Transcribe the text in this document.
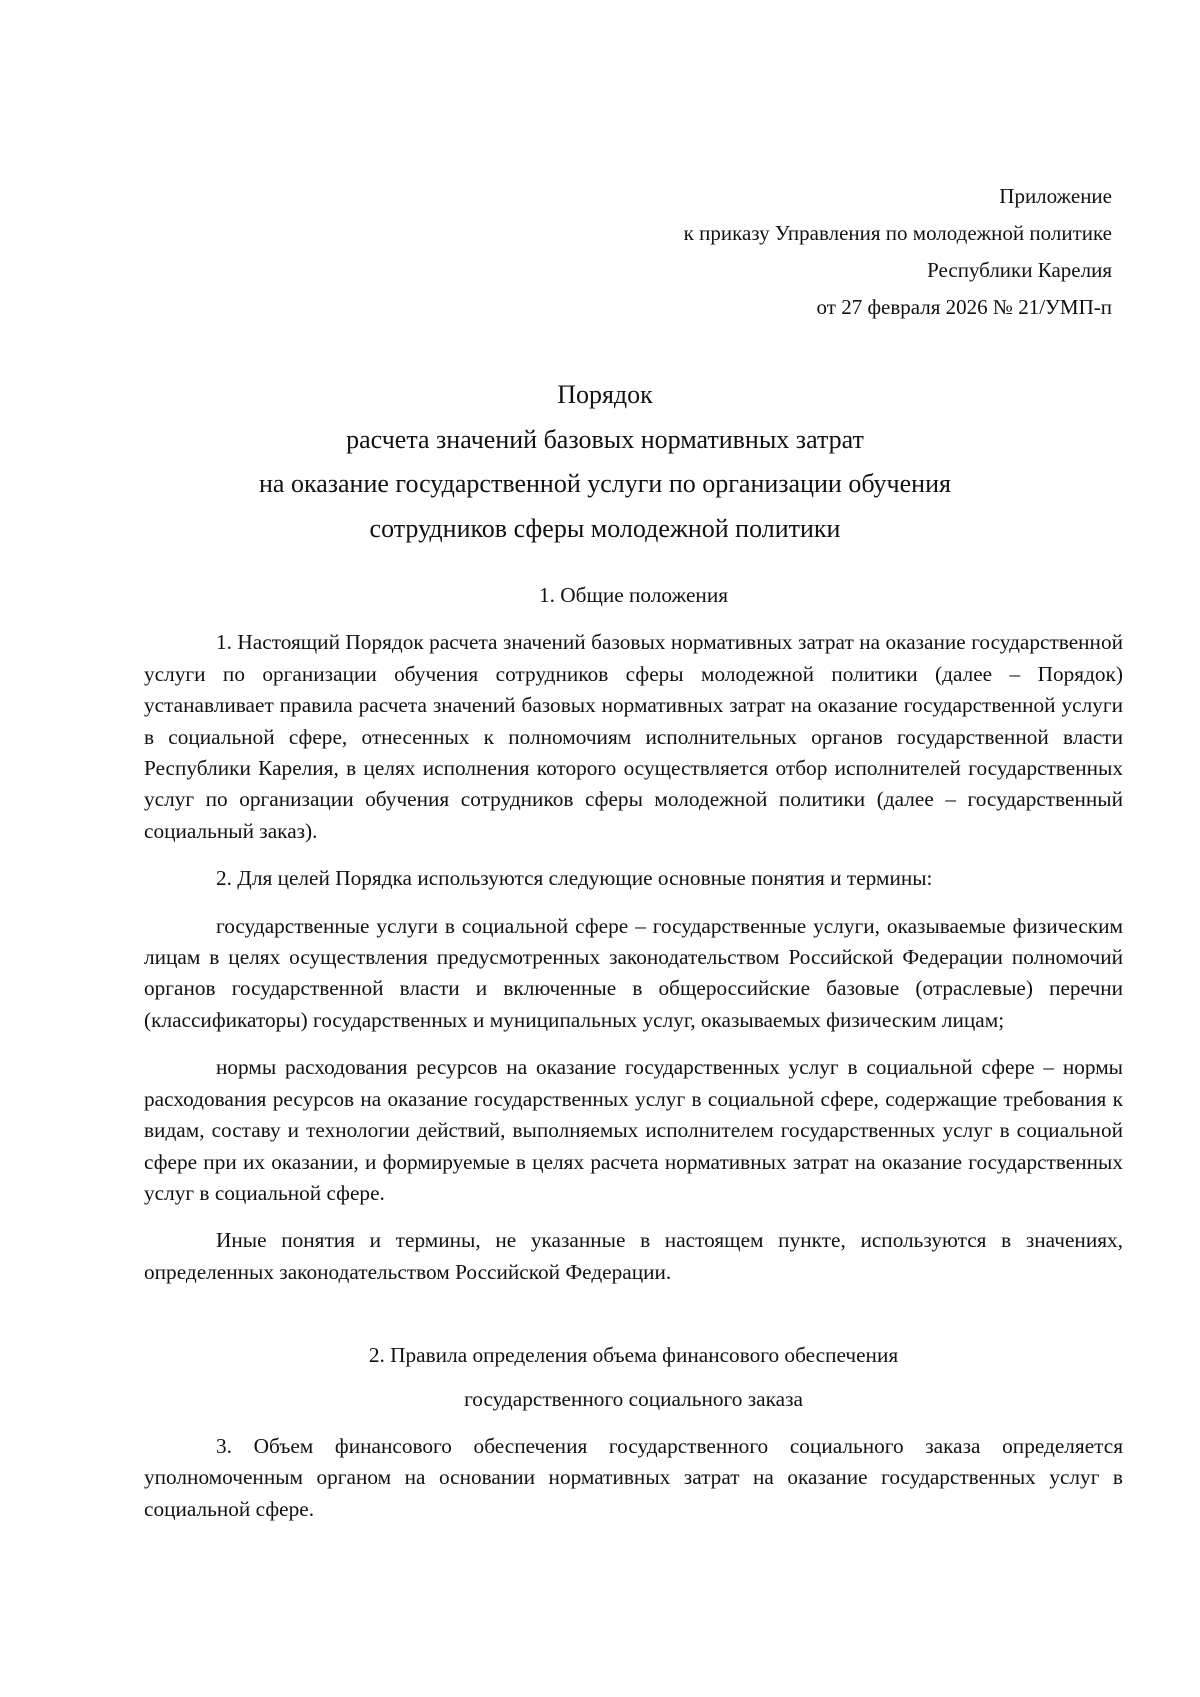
Приложение
к приказу Управления по молодежной политике
Республики Карелия
от 27 февраля 2026 № 21/УМП-п
Порядок
расчета значений базовых нормативных затрат
на оказание государственной услуги по организации обучения
сотрудников сферы молодежной политики
1. Общие положения

1. Настоящий Порядок расчета значений базовых нормативных затрат на оказание государственной услуги по организации обучения сотрудников сферы молодежной политики (далее – Порядок) устанавливает правила расчета значений базовых нормативных затрат на оказание государственной услуги в социальной сфере, отнесенных к полномочиям исполнительных органов государственной власти Республики Карелия, в целях исполнения которого осуществляется отбор исполнителей государственных услуг по организации обучения сотрудников сферы молодежной политики (далее – государственный социальный заказ).

2. Для целей Порядка используются следующие основные понятия и термины:

государственные услуги в социальной сфере – государственные услуги, оказываемые физическим лицам в целях осуществления предусмотренных законодательством Российской Федерации полномочий органов государственной власти и включенные в общероссийские базовые (отраслевые) перечни (классификаторы) государственных и муниципальных услуг, оказываемых физическим лицам;

нормы расходования ресурсов на оказание государственных услуг в социальной сфере – нормы расходования ресурсов на оказание государственных услуг в социальной сфере, содержащие требования к видам, составу и технологии действий, выполняемых исполнителем государственных услуг в социальной сфере при их оказании, и формируемые в целях расчета нормативных затрат на оказание государственных услуг в социальной сфере.

Иные понятия и термины, не указанные в настоящем пункте, используются в значениях, определенных законодательством Российской Федерации.

2. Правила определения объема финансового обеспечения
государственного социального заказа

3. Объем финансового обеспечения государственного социального заказа определяется уполномоченным органом на основании нормативных затрат на оказание государственных услуг в социальной сфере.
